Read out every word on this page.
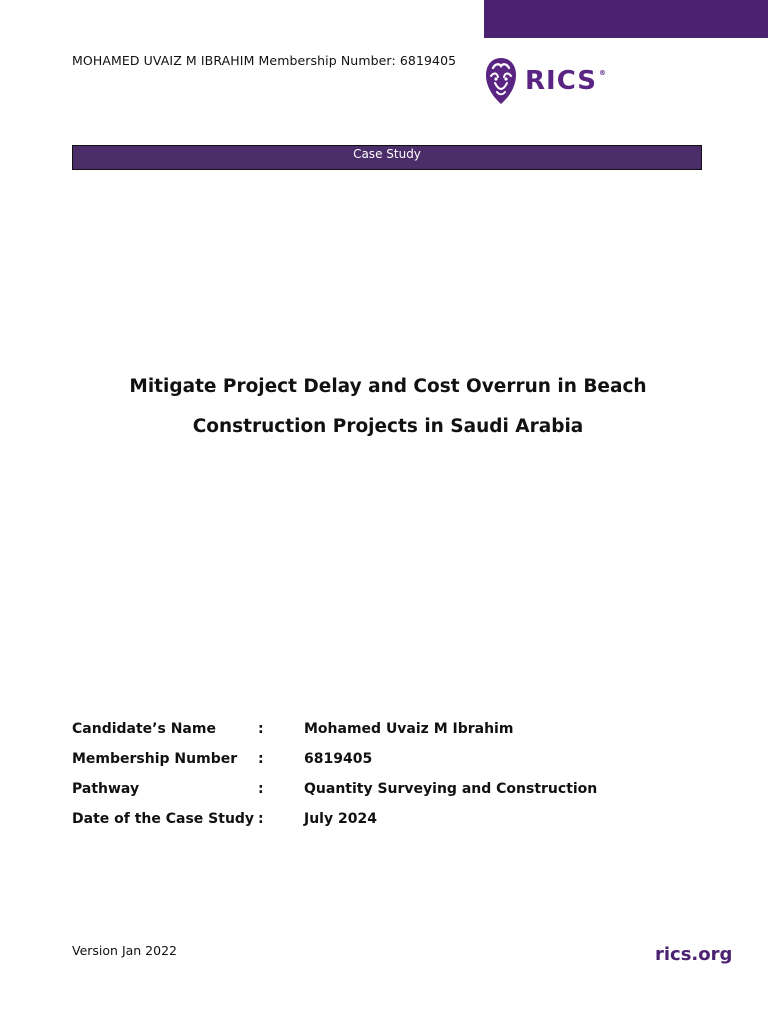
MOHAMED UVAIZ M IBRAHIM Membership Number: 6819405
RICS ®
Case Study
Mitigate Project Delay and Cost Overrun in Beach
Construction Projects in Saudi Arabia
Candidate’s Name	:	Mohamed Uvaiz M Ibrahim
Membership Number :	6819405
Pathway	:	Quantity Surveying and Construction
Date of the Case Study :	July 2024
Version Jan 2022	rics.org
